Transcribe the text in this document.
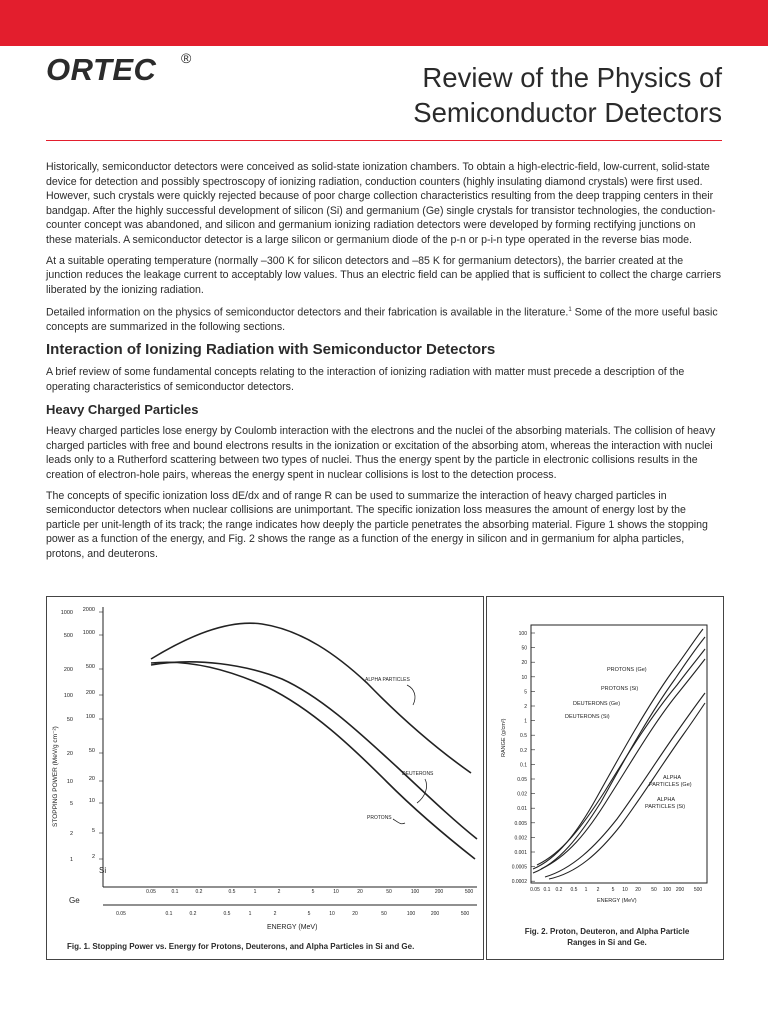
ORTEC ®
Review of the Physics of
Semiconductor Detectors

Historically, semiconductor detectors were conceived as solid-state ionization chambers. To obtain a high-electric-field, low-current, solid-state device for detection and possibly spectroscopy of ionizing radiation, conduction counters (highly insulating diamond crystals) were first used. However, such crystals were quickly rejected because of poor charge collection characteristics resulting from the deep trapping centers in their bandgap. After the highly successful development of silicon (Si) and germanium (Ge) single crystals for transistor technologies, the conduction-counter concept was abandoned, and silicon and germanium ionizing radiation detectors were developed by forming rectifying junctions on these materials. A semiconductor detector is a large silicon or germanium diode of the p-n or p-i-n type operated in the reverse bias mode.

At a suitable operating temperature (normally –300 K for silicon detectors and –85 K for germanium detectors), the barrier created at the junction reduces the leakage current to acceptably low values. Thus an electric field can be applied that is sufficient to collect the charge carriers liberated by the ionizing radiation.

Detailed information on the physics of semiconductor detectors and their fabrication is available in the literature.$^1$ Some of the more useful basic concepts are summarized in the following sections.

Interaction of Ionizing Radiation with Semiconductor Detectors

A brief review of some fundamental concepts relating to the interaction of ionizing radiation with matter must precede a description of the operating characteristics of semiconductor detectors.

Heavy Charged Particles

Heavy charged particles lose energy by Coulomb interaction with the electrons and the nuclei of the absorbing materials. The collision of heavy charged particles with free and bound electrons results in the ionization or excitation of the absorbing atom, whereas the interaction with nuclei leads only to a Rutherford scattering between two types of nuclei. Thus the energy spent by the particle in electronic collisions results in the creation of electron-hole pairs, whereas the energy spent in nuclear collisions is lost to the detection process.

The concepts of specific ionization loss dE/dx and of range R can be used to summarize the interaction of heavy charged particles in semiconductor detectors when nuclear collisions are unimportant. The specific ionization loss measures the amount of energy lost by the particle per unit-length of its track; the range indicates how deeply the particle penetrates the absorbing material. Figure 1 shows the stopping power as a function of the energy, and Fig. 2 shows the range as a function of the energy in silicon and in germanium for alpha particles, protons, and deuterons.

1000
500
200
100
50
20
10
5
2
1
2000
1000
500
200
100
50
20
10
5
2
0.05	0.1	0.2	0.5	1	2	5	10	20	50	100	200	500
0.05	0.1	0.2	0.5	1	2	5	10	20	50	100	200	500
ALPHA PARTICLES
DEUTERONS
PROTONS
Si
Ge
ENERGY (MeV)
STOPPING POWER (MeV/g cm⁻²)
Fig. 1. Stopping Power vs. Energy for Protons, Deuterons, and Alpha Particles in Si and Ge.
100
50
20
10
5
2
1
0.5
0.2
0.1
0.05
0.02
0.01
0.005
0.002
0.001
0.0005
0.0002
0.05 0.1 0.2 0.5 1 2 5 10 20 50 100 200 500
PROTONS (Ge)
PROTONS (Si)
DEUTERONS (Ge)
DEUTERONS (Si)
ALPHA
PARTICLES (Ge)
ALPHA
PARTICLES (Si)
ENERGY (MeV)
RANGE (g/cm²)
Fig. 2. Proton, Deuteron, and Alpha Particle
Ranges in Si and Ge.
